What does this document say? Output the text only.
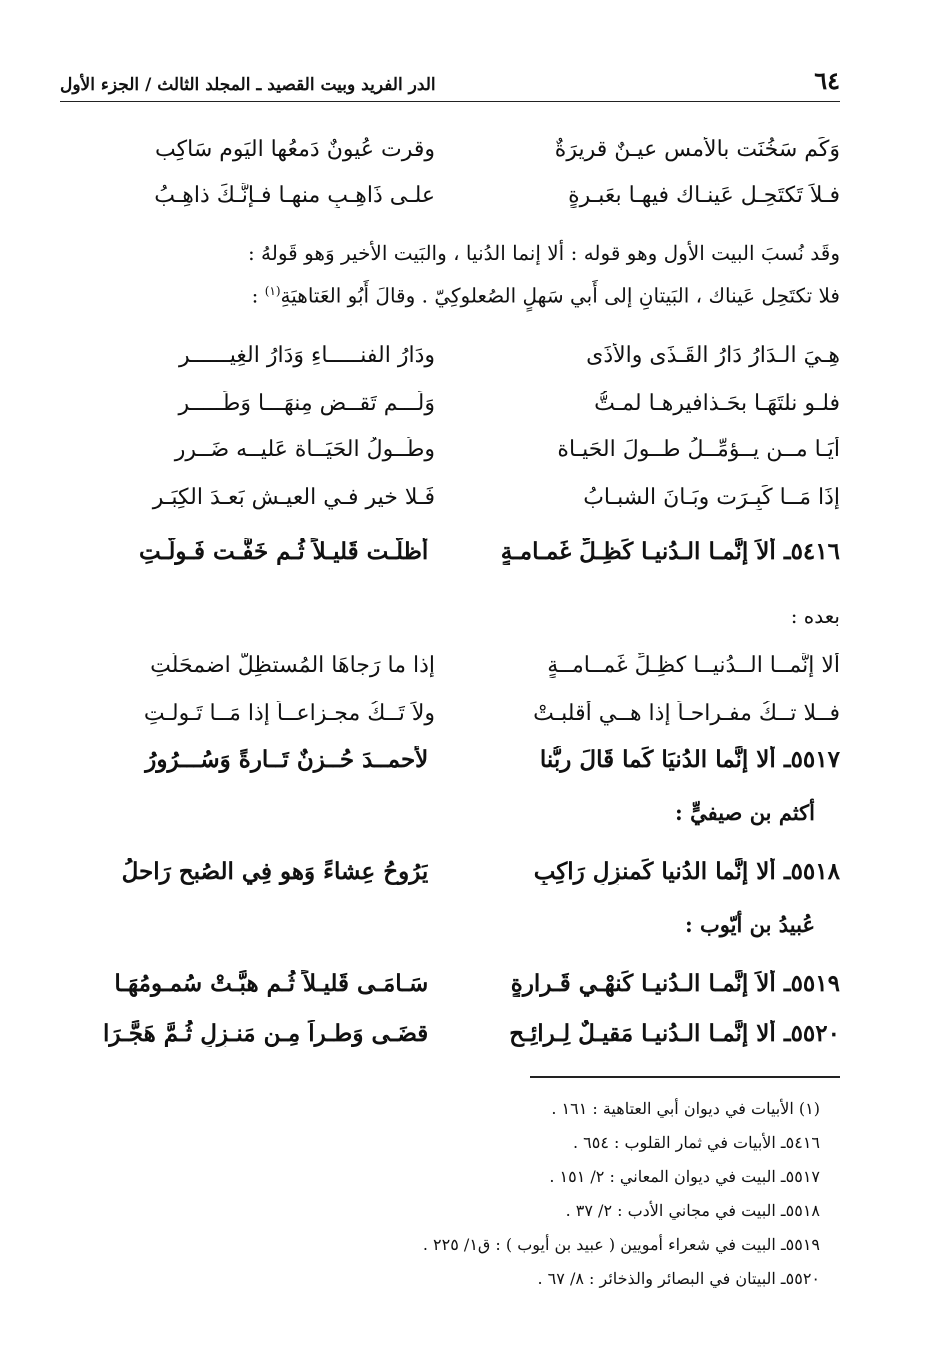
٦٤
الدر الفريد وبيت القصيد ـ المجلد الثالث / الجزء الأول
وَكَم سَخُنَت بالأمسِ عيـنٌ قريرَةٌ
وقرت عُيونٌ دَمعُها اليَوم سَاكِب
فـلاَ تَكتَحِـل عَينـاك فيهـا بعَبـرةٍ
علـى ذَاهِـبٍ منهـا فـإنَّـكَ ذاهِـبُ
وقَد نُسبَ البيت الأول وهو قوله : ألا إنما الدُنيا ، والبَيت الأخير وَهو قَولهُ :
فلا تكتَحِل عَيناك ، البَيتانِ إلى أَبي سَهلٍ الصُعلوكِيّ . وقالَ أَبُو العَتاهيَةِ$^{(١)}$ :
هِـيَ الـدَارُ دَارُ القَـذَى والأذَى
ودَارُ الفنـــــاءِ وَدَارُ الغِيــــــر
فلـو نلتَهَـا بحَـذافيرِهـا لمـتُّ
وَلَـــم تَقــض مِنهَـــا وَطَـــــر
أيَـا مــن يــؤمِّــلُ طــولَ الحَيـاة
وطُــولُ الحَيَــاة عَليــه ضَــرر
إِذَا مَــا كَبِـرَت وبَـانَ الشبـابُ
فَـلا خير فـي العيـش بَعـدَ الكِبَـر
٥٤١٦ـ أَلاَ إِنَّمـا الـدُنيـا كَظِـلِّ غَمـامـةٍ
أظلَّـت قَليـلاً ثُـم خَفَّـت فَـولَّـتِ
بعده :
أَلا إِنَّمــا الــدُنيــا كظِـلِّ غَمــامــةٍ
إذا ما رَجاهَا المُستظِلُّ اضمحَلَّتِ
فــلا تــكُ مفـراحـاً إذا هــي أقلبـتْ
ولاَ تَــكُ مجـزاعــاً إذا مَــا تَـولـتِ
٥٥١٧ـ أَلا إِنَّما الدُنيَا كَما قَالَ ربُّنا
لأَحمــدَ حُــزنٌ تَــارةً وَسُـــرُورُ
أكثم بن صيفيٍّ :
٥٥١٨ـ أَلا إِنَّما الدُنيا كَمنزِلِ رَاكِبٍ
يَرُوحُ عِشاءً وَهو فِي الصُبحِ رَاحلُ
عُبيدُ بن أيّوب :
٥٥١٩ـ أَلاَ إِنَّمـا الـدُنيـا كَنهْـي قَـرارةٍ
سَـامَـى قَليـلاً ثُـم هبَّـتْ سُمـومُهَـا
٥٥٢٠ـ أَلا إِنَّمـا الـدُنيـا مَقيـلٌ لِـرائِـحٍ
قضَـى وَطـراً مِـن مَنـزِلٍ ثُـمَّ هَجَّـرَا
(١) الأبيات في ديوان أبي العتاهية : ١٦١ .
٥٤١٦ـ الأبيات في ثمار القلوب : ٦٥٤ .
٥٥١٧ـ البيت في ديوان المعاني : ٢/ ١٥١ .
٥٥١٨ـ البيت في مجاني الأدب : ٢/ ٣٧ .
٥٥١٩ـ البيت في شعراء أمويين ( عبيد بن أيوب ) : ق١/ ٢٢٥ .
٥٥٢٠ـ البيتان في البصائر والذخائر : ٨/ ٦٧ .
